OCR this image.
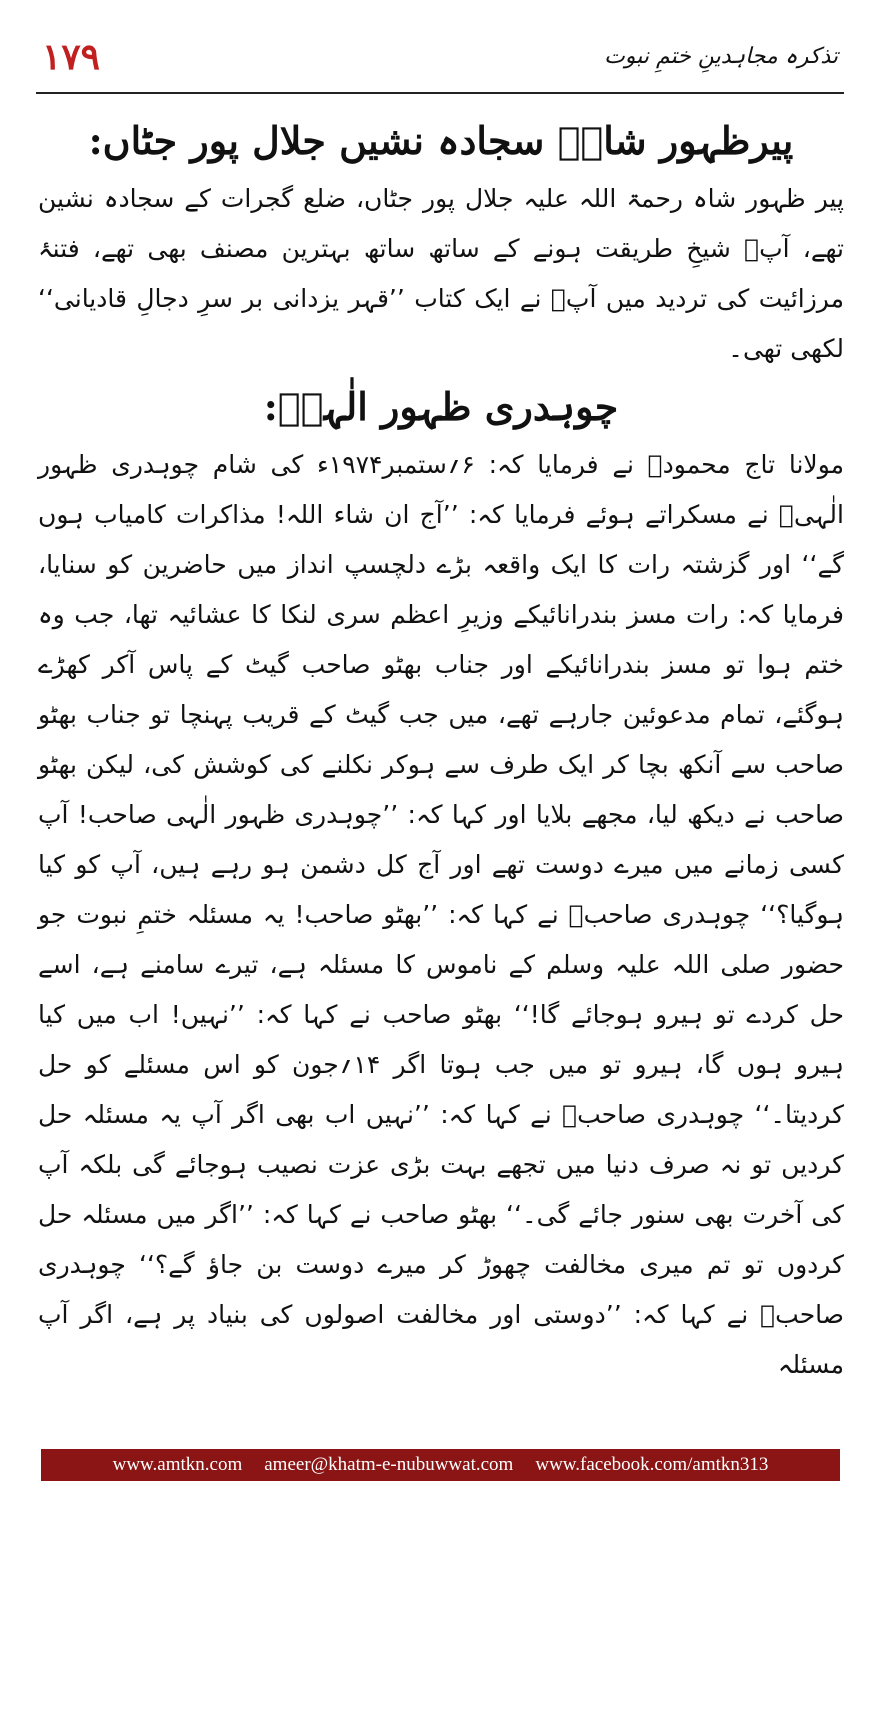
۱۷۹	تذکرہ مجاہدینِ ختمِ نبوت
پیرظہور شاہؒ سجادہ نشیں جلال پور جٹاں:

پیر ظہور شاہ رحمۃ اللہ علیہ جلال پور جٹاں، ضلع گجرات کے سجادہ نشین تھے، آپؒ شیخِ طریقت ہونے کے ساتھ ساتھ بہترین مصنف بھی تھے، فتنۂ مرزائیت کی تردید میں آپؒ نے ایک کتاب ’’قہر یزدانی بر سرِ دجالِ قادیانی‘‘ لکھی تھی۔

چوہدری ظہور الٰہیؒ:

مولانا تاج محمودؒ نے فرمایا کہ: ۶؍ستمبر۱۹۷۴ء کی شام چوہدری ظہور الٰہیؒ نے مسکراتے ہوئے فرمایا کہ: ’’آج ان شاء اللہ! مذاکرات کامیاب ہوں گے‘‘ اور گزشتہ رات کا ایک واقعہ بڑے دلچسپ انداز میں حاضرین کو سنایا، فرمایا کہ: رات مسز بندرانائیکے وزیرِ اعظم سری لنکا کا عشائیہ تھا، جب وہ ختم ہوا تو مسز بندرانائیکے اور جناب بھٹو صاحب گیٹ کے پاس آکر کھڑے ہوگئے، تمام مدعوئین جارہے تھے، میں جب گیٹ کے قریب پہنچا تو جناب بھٹو صاحب سے آنکھ بچا کر ایک طرف سے ہوکر نکلنے کی کوشش کی، لیکن بھٹو صاحب نے دیکھ لیا، مجھے بلایا اور کہا کہ: ’’چوہدری ظہور الٰہی صاحب! آپ کسی زمانے میں میرے دوست تھے اور آج کل دشمن ہو رہے ہیں، آپ کو کیا ہوگیا؟‘‘ چوہدری صاحبؒ نے کہا کہ: ’’بھٹو صاحب! یہ مسئلہ ختمِ نبوت جو حضور صلی اللہ علیہ وسلم کے ناموس کا مسئلہ ہے، تیرے سامنے ہے، اسے حل کردے تو ہیرو ہوجائے گا!‘‘ بھٹو صاحب نے کہا کہ: ’’نہیں! اب میں کیا ہیرو ہوں گا، ہیرو تو میں جب ہوتا اگر ۱۴؍جون کو اس مسئلے کو حل کردیتا۔‘‘ چوہدری صاحبؒ نے کہا کہ: ’’نہیں اب بھی اگر آپ یہ مسئلہ حل کردیں تو نہ صرف دنیا میں تجھے بہت بڑی عزت نصیب ہوجائے گی بلکہ آپ کی آخرت بھی سنور جائے گی۔‘‘ بھٹو صاحب نے کہا کہ: ’’اگر میں مسئلہ حل کردوں تو تم میری مخالفت چھوڑ کر میرے دوست بن جاؤ گے؟‘‘ چوہدری صاحبؒ نے کہا کہ: ’’دوستی اور مخالفت اصولوں کی بنیاد پر ہے، اگر آپ مسئلہ

www.amtkn.com ameer@khatm-e-nubuwwat.com www.facebook.com/amtkn313
